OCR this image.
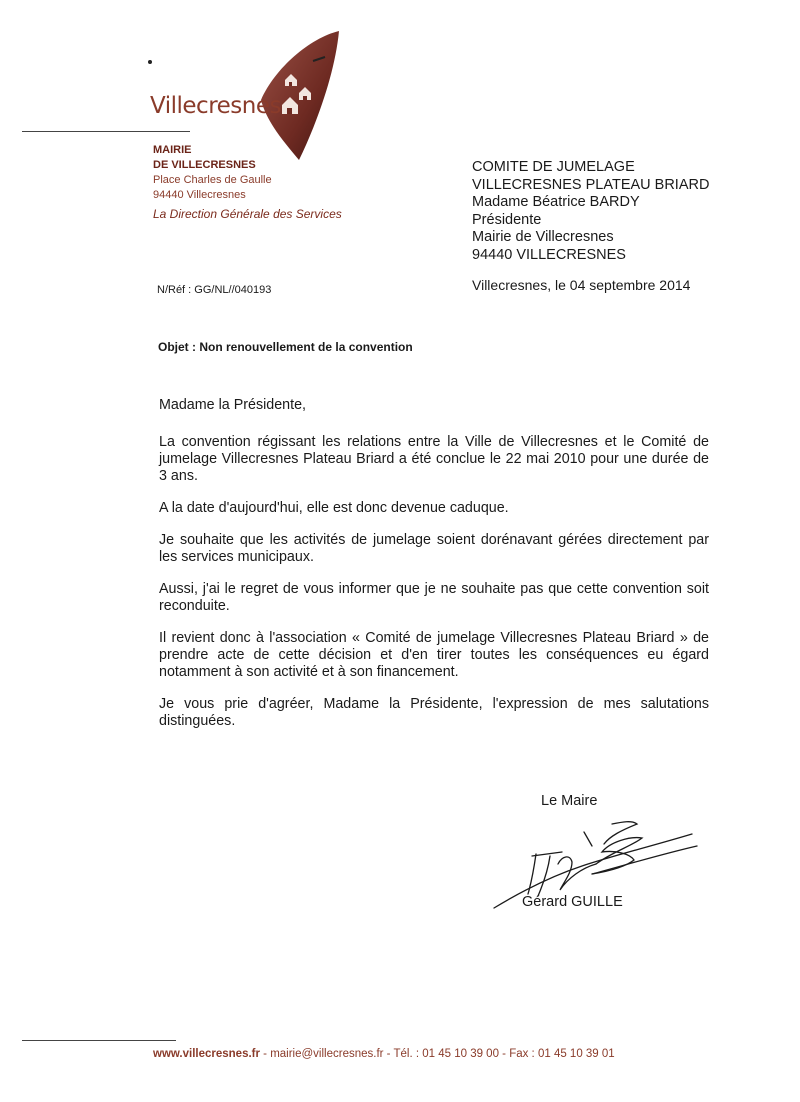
Villecresnes
MAIRIE
DE VILLECRESNES
Place Charles de Gaulle
94440 Villecresnes
La Direction Générale des Services
COMITE DE JUMELAGE
VILLECRESNES PLATEAU BRIARD
Madame Béatrice BARDY
Présidente
Mairie de Villecresnes
94440 VILLECRESNES
N/Réf : GG/NL//040193	Villecresnes, le 04 septembre 2014
Objet : Non renouvellement de la convention

Madame la Présidente,

La convention régissant les relations entre la Ville de Villecresnes et le Comité de jumelage Villecresnes Plateau Briard a été conclue le 22 mai 2010 pour une durée de 3 ans.

A la date d'aujourd'hui, elle est donc devenue caduque.

Je souhaite que les activités de jumelage soient dorénavant gérées directement par les services municipaux.

Aussi, j'ai le regret de vous informer que je ne souhaite pas que cette convention soit reconduite.

Il revient donc à l'association « Comité de jumelage Villecresnes Plateau Briard » de prendre acte de cette décision et d'en tirer toutes les conséquences eu égard notamment à son activité et à son financement.

Je vous prie d'agréer, Madame la Présidente, l'expression de mes salutations distinguées.

Le Maire
Gérard GUILLE
www.villecresnes.fr - mairie@villecresnes.fr - Tél. : 01 45 10 39 00 - Fax : 01 45 10 39 01
